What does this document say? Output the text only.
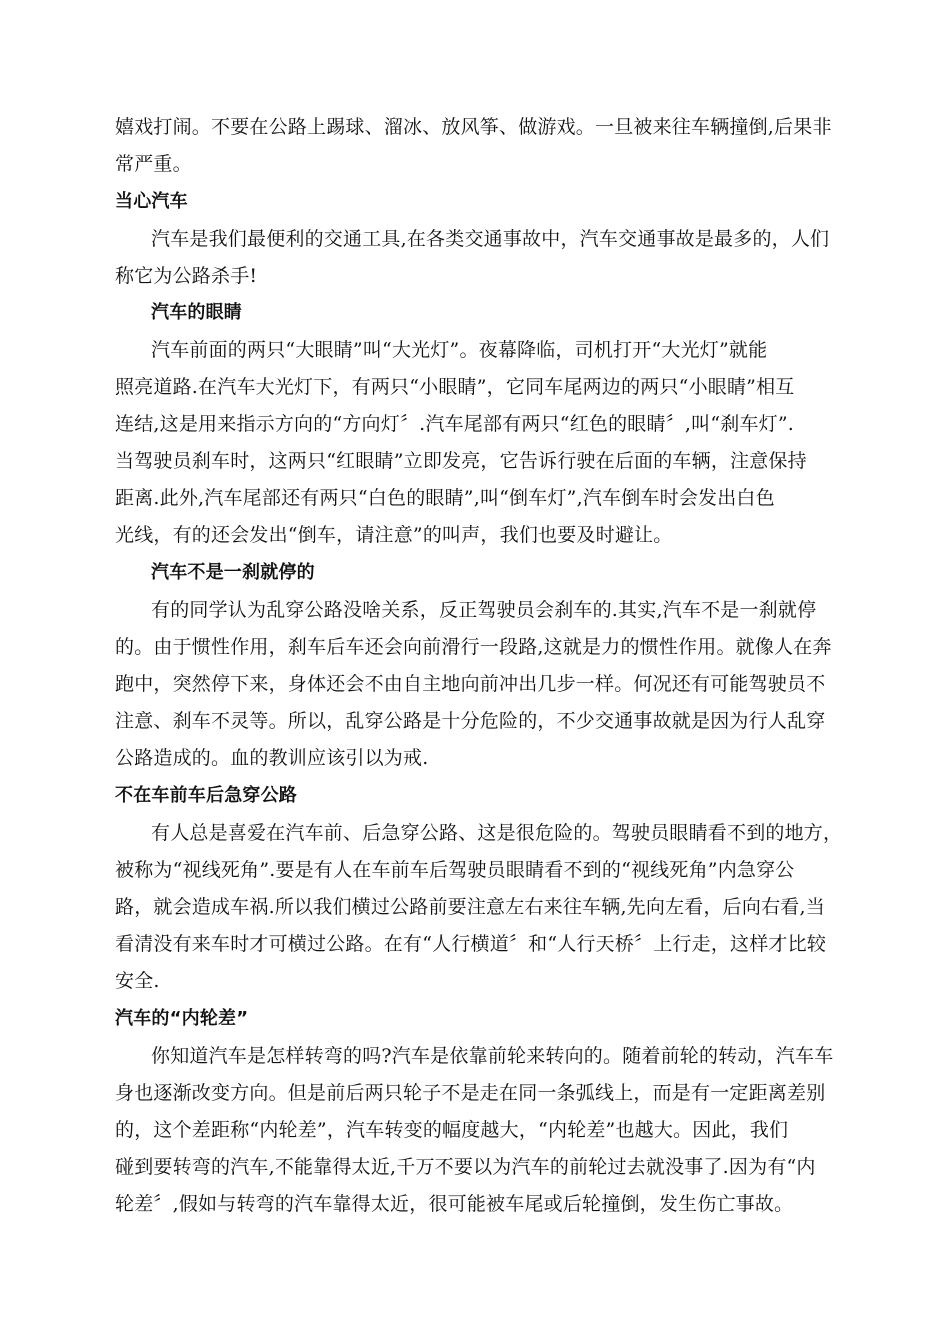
嬉戏打闹。不要在公路上踢球、溜冰、放风筝、做游戏。一旦被来往车辆撞倒,后果非
常严重。
当心汽车
汽车是我们最便利的交通工具,在各类交通事故中，汽车交通事故是最多的，人们
称它为公路杀手!
汽车的眼睛
汽车前面的两只“大眼睛”叫“大光灯”。夜幕降临，司机打开“大光灯”就能
照亮道路.在汽车大光灯下，有两只“小眼睛”，它同车尾两边的两只“小眼睛”相互
连结,这是用来指示方向的“方向灯〞.汽车尾部有两只“红色的眼睛〞,叫“刹车灯”.
当驾驶员刹车时，这两只“红眼睛”立即发亮，它告诉行驶在后面的车辆，注意保持
距离.此外,汽车尾部还有两只“白色的眼睛”,叫“倒车灯”,汽车倒车时会发出白色
光线，有的还会发出“倒车，请注意”的叫声，我们也要及时避让。
汽车不是一刹就停的
有的同学认为乱穿公路没啥关系，反正驾驶员会刹车的.其实,汽车不是一刹就停
的。由于惯性作用，刹车后车还会向前滑行一段路,这就是力的惯性作用。就像人在奔
跑中，突然停下来，身体还会不由自主地向前冲出几步一样。何况还有可能驾驶员不
注意、刹车不灵等。所以，乱穿公路是十分危险的，不少交通事故就是因为行人乱穿
公路造成的。血的教训应该引以为戒.
不在车前车后急穿公路
有人总是喜爱在汽车前、后急穿公路、这是很危险的。驾驶员眼睛看不到的地方，
被称为“视线死角”.要是有人在车前车后驾驶员眼睛看不到的“视线死角”内急穿公
路，就会造成车祸.所以我们横过公路前要注意左右来往车辆,先向左看，后向右看,当
看清没有来车时才可横过公路。在有“人行横道〞和“人行天桥〞上行走，这样才比较
安全.
汽车的“内轮差”
你知道汽车是怎样转弯的吗?汽车是依靠前轮来转向的。随着前轮的转动，汽车车
身也逐渐改变方向。但是前后两只轮子不是走在同一条弧线上，而是有一定距离差别
的，这个差距称“内轮差”，汽车转变的幅度越大，“内轮差”也越大。因此，我们
碰到要转弯的汽车,不能靠得太近,千万不要以为汽车的前轮过去就没事了.因为有“内
轮差〞,假如与转弯的汽车靠得太近，很可能被车尾或后轮撞倒，发生伤亡事故。
